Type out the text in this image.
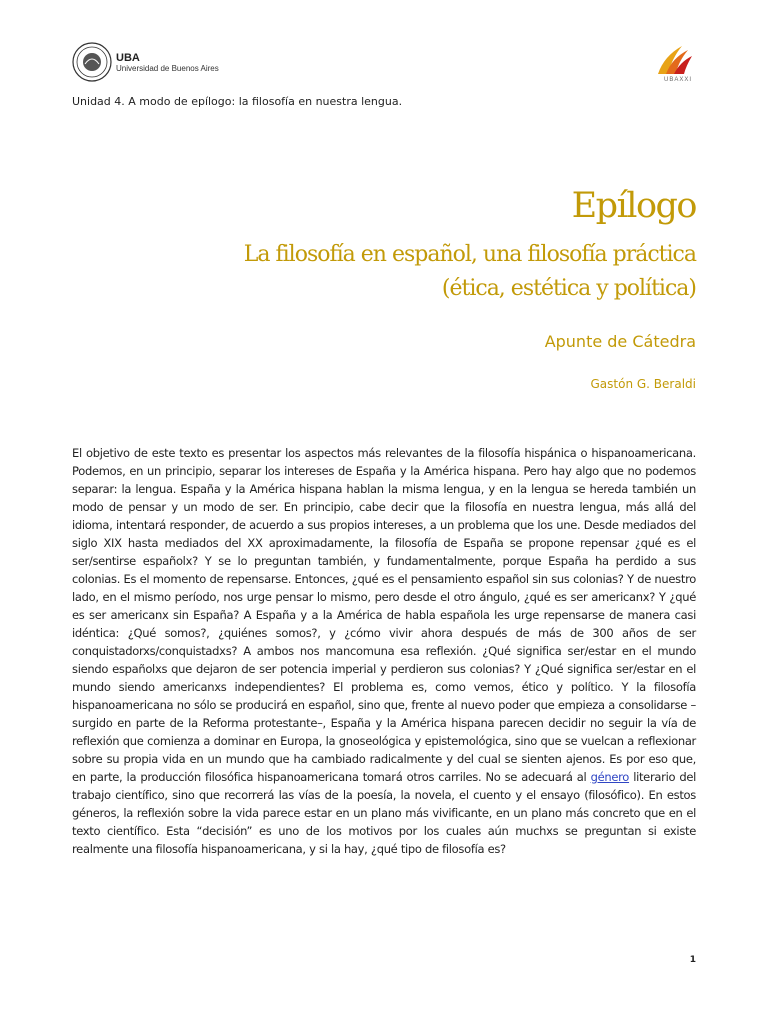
UBA
Universidad de Buenos Aires
UBAXXI
Unidad 4. A modo de epílogo: la filosofía en nuestra lengua.
Epílogo
La filosofía en español, una filosofía práctica
(ética, estética y política)
Apunte de Cátedra
Gastón G. Beraldi

El objetivo de este texto es presentar los aspectos más relevantes de la filosofía hispánica o hispanoamericana. Podemos, en un principio, separar los intereses de España y la América hispana. Pero hay algo que no podemos separar: la lengua. España y la América hispana hablan la misma lengua, y en la lengua se hereda también un modo de pensar y un modo de ser. En principio, cabe decir que la filosofía en nuestra lengua, más allá del idioma, intentará responder, de acuerdo a sus propios intereses, a un problema que los une. Desde mediados del siglo XIX hasta mediados del XX aproximadamente, la filosofía de España se propone repensar ¿qué es el ser/sentirse españolx? Y se lo preguntan también, y fundamentalmente, porque España ha perdido a sus colonias. Es el momento de repensarse. Entonces, ¿qué es el pensamiento español sin sus colonias? Y de nuestro lado, en el mismo período, nos urge pensar lo mismo, pero desde el otro ángulo, ¿qué es ser americanx? Y ¿qué es ser americanx sin España? A España y a la América de habla española les urge repensarse de manera casi idéntica: ¿Qué somos?, ¿quiénes somos?, y ¿cómo vivir ahora después de más de 300 años de ser conquistadorxs/conquistadxs? A ambos nos mancomuna esa reflexión. ¿Qué significa ser/estar en el mundo siendo españolxs que dejaron de ser potencia imperial y perdieron sus colonias? Y ¿Qué significa ser/estar en el mundo siendo americanxs independientes? El problema es, como vemos, ético y político. Y la filosofía hispanoamericana no sólo se producirá en español, sino que, frente al nuevo poder que empieza a consolidarse –surgido en parte de la Reforma protestante–, España y la América hispana parecen decidir no seguir la vía de reflexión que comienza a dominar en Europa, la gnoseológica y epistemológica, sino que se vuelcan a reflexionar sobre su propia vida en un mundo que ha cambiado radicalmente y del cual se sienten ajenos. Es por eso que, en parte, la producción filosófica hispanoamericana tomará otros carriles. No se adecuará al género literario del trabajo científico, sino que recorrerá las vías de la poesía, la novela, el cuento y el ensayo (filosófico). En estos géneros, la reflexión sobre la vida parece estar en un plano más vivificante, en un plano más concreto que en el texto científico. Esta “decisión” es uno de los motivos por los cuales aún muchxs se preguntan si existe realmente una filosofía hispanoamericana, y si la hay, ¿qué tipo de filosofía es?

1
